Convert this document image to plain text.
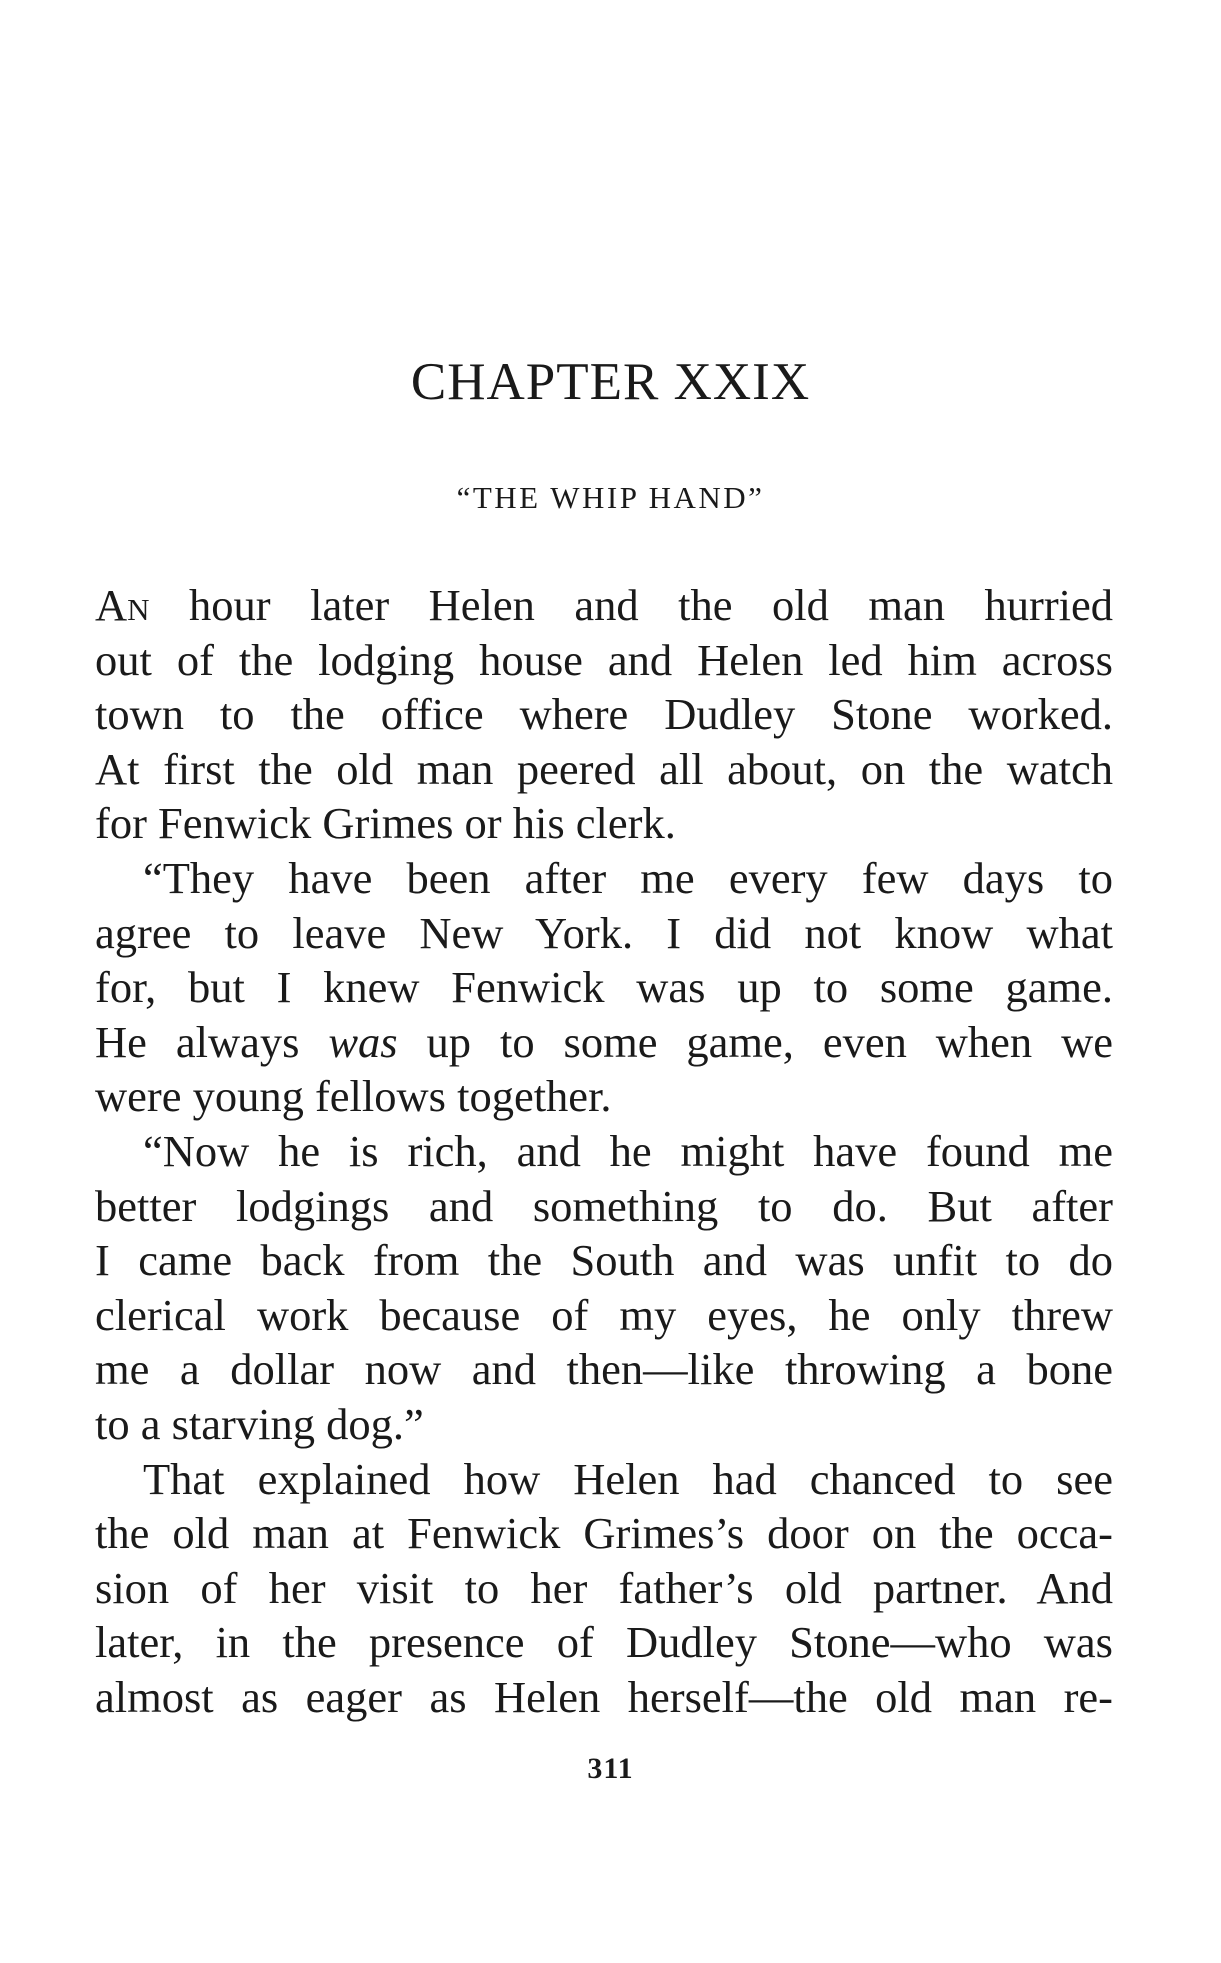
CHAPTER XXIX
“THE WHIP HAND”

An hour later Helen and the old man hurried
out of the lodging house and Helen led him across
town to the office where Dudley Stone worked.
At first the old man peered all about, on the watch
for Fenwick Grimes or his clerk.

“They have been after me every few days to
agree to leave New York. I did not know what
for, but I knew Fenwick was up to some game.
He always was up to some game, even when we
were young fellows together.

“Now he is rich, and he might have found me
better lodgings and something to do. But after
I came back from the South and was unfit to do
clerical work because of my eyes, he only threw
me a dollar now and then—like throwing a bone
to a starving dog.”

That explained how Helen had chanced to see
the old man at Fenwick Grimes’s door on the occa-
sion of her visit to her father’s old partner. And
later, in the presence of Dudley Stone—who was
almost as eager as Helen herself—the old man re-

311
